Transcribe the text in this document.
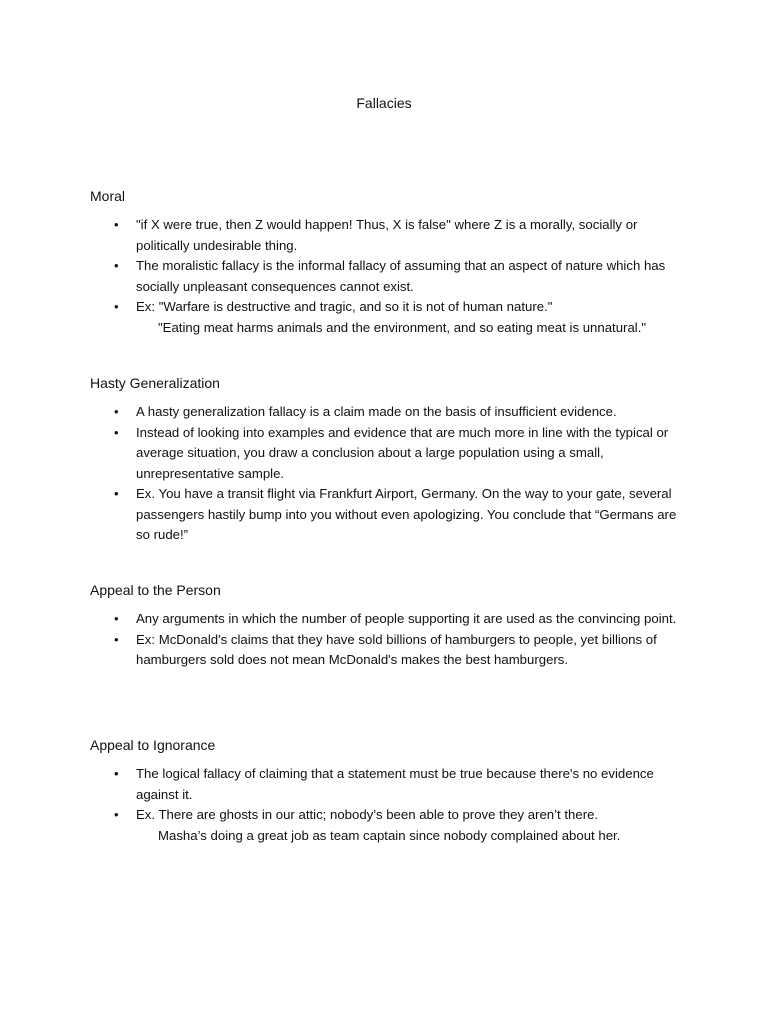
Fallacies
Moral
• "if X were true, then Z would happen! Thus, X is false" where Z is a morally, socially or politically undesirable thing.
• The moralistic fallacy is the informal fallacy of assuming that an aspect of nature which has socially unpleasant consequences cannot exist.
• Ex: "Warfare is destructive and tragic, and so it is not of human nature."
"Eating meat harms animals and the environment, and so eating meat is unnatural."
Hasty Generalization
• A hasty generalization fallacy is a claim made on the basis of insufficient evidence.
• Instead of looking into examples and evidence that are much more in line with the typical or average situation, you draw a conclusion about a large population using a small, unrepresentative sample.
• Ex. You have a transit flight via Frankfurt Airport, Germany. On the way to your gate, several passengers hastily bump into you without even apologizing. You conclude that “Germans are so rude!”
Appeal to the Person
• Any arguments in which the number of people supporting it are used as the convincing point.
• Ex: McDonald's claims that they have sold billions of hamburgers to people, yet billions of hamburgers sold does not mean McDonald's makes the best hamburgers.
Appeal to Ignorance
• The logical fallacy of claiming that a statement must be true because there's no evidence against it.
• Ex. There are ghosts in our attic; nobody’s been able to prove they aren’t there.
Masha’s doing a great job as team captain since nobody complained about her.
